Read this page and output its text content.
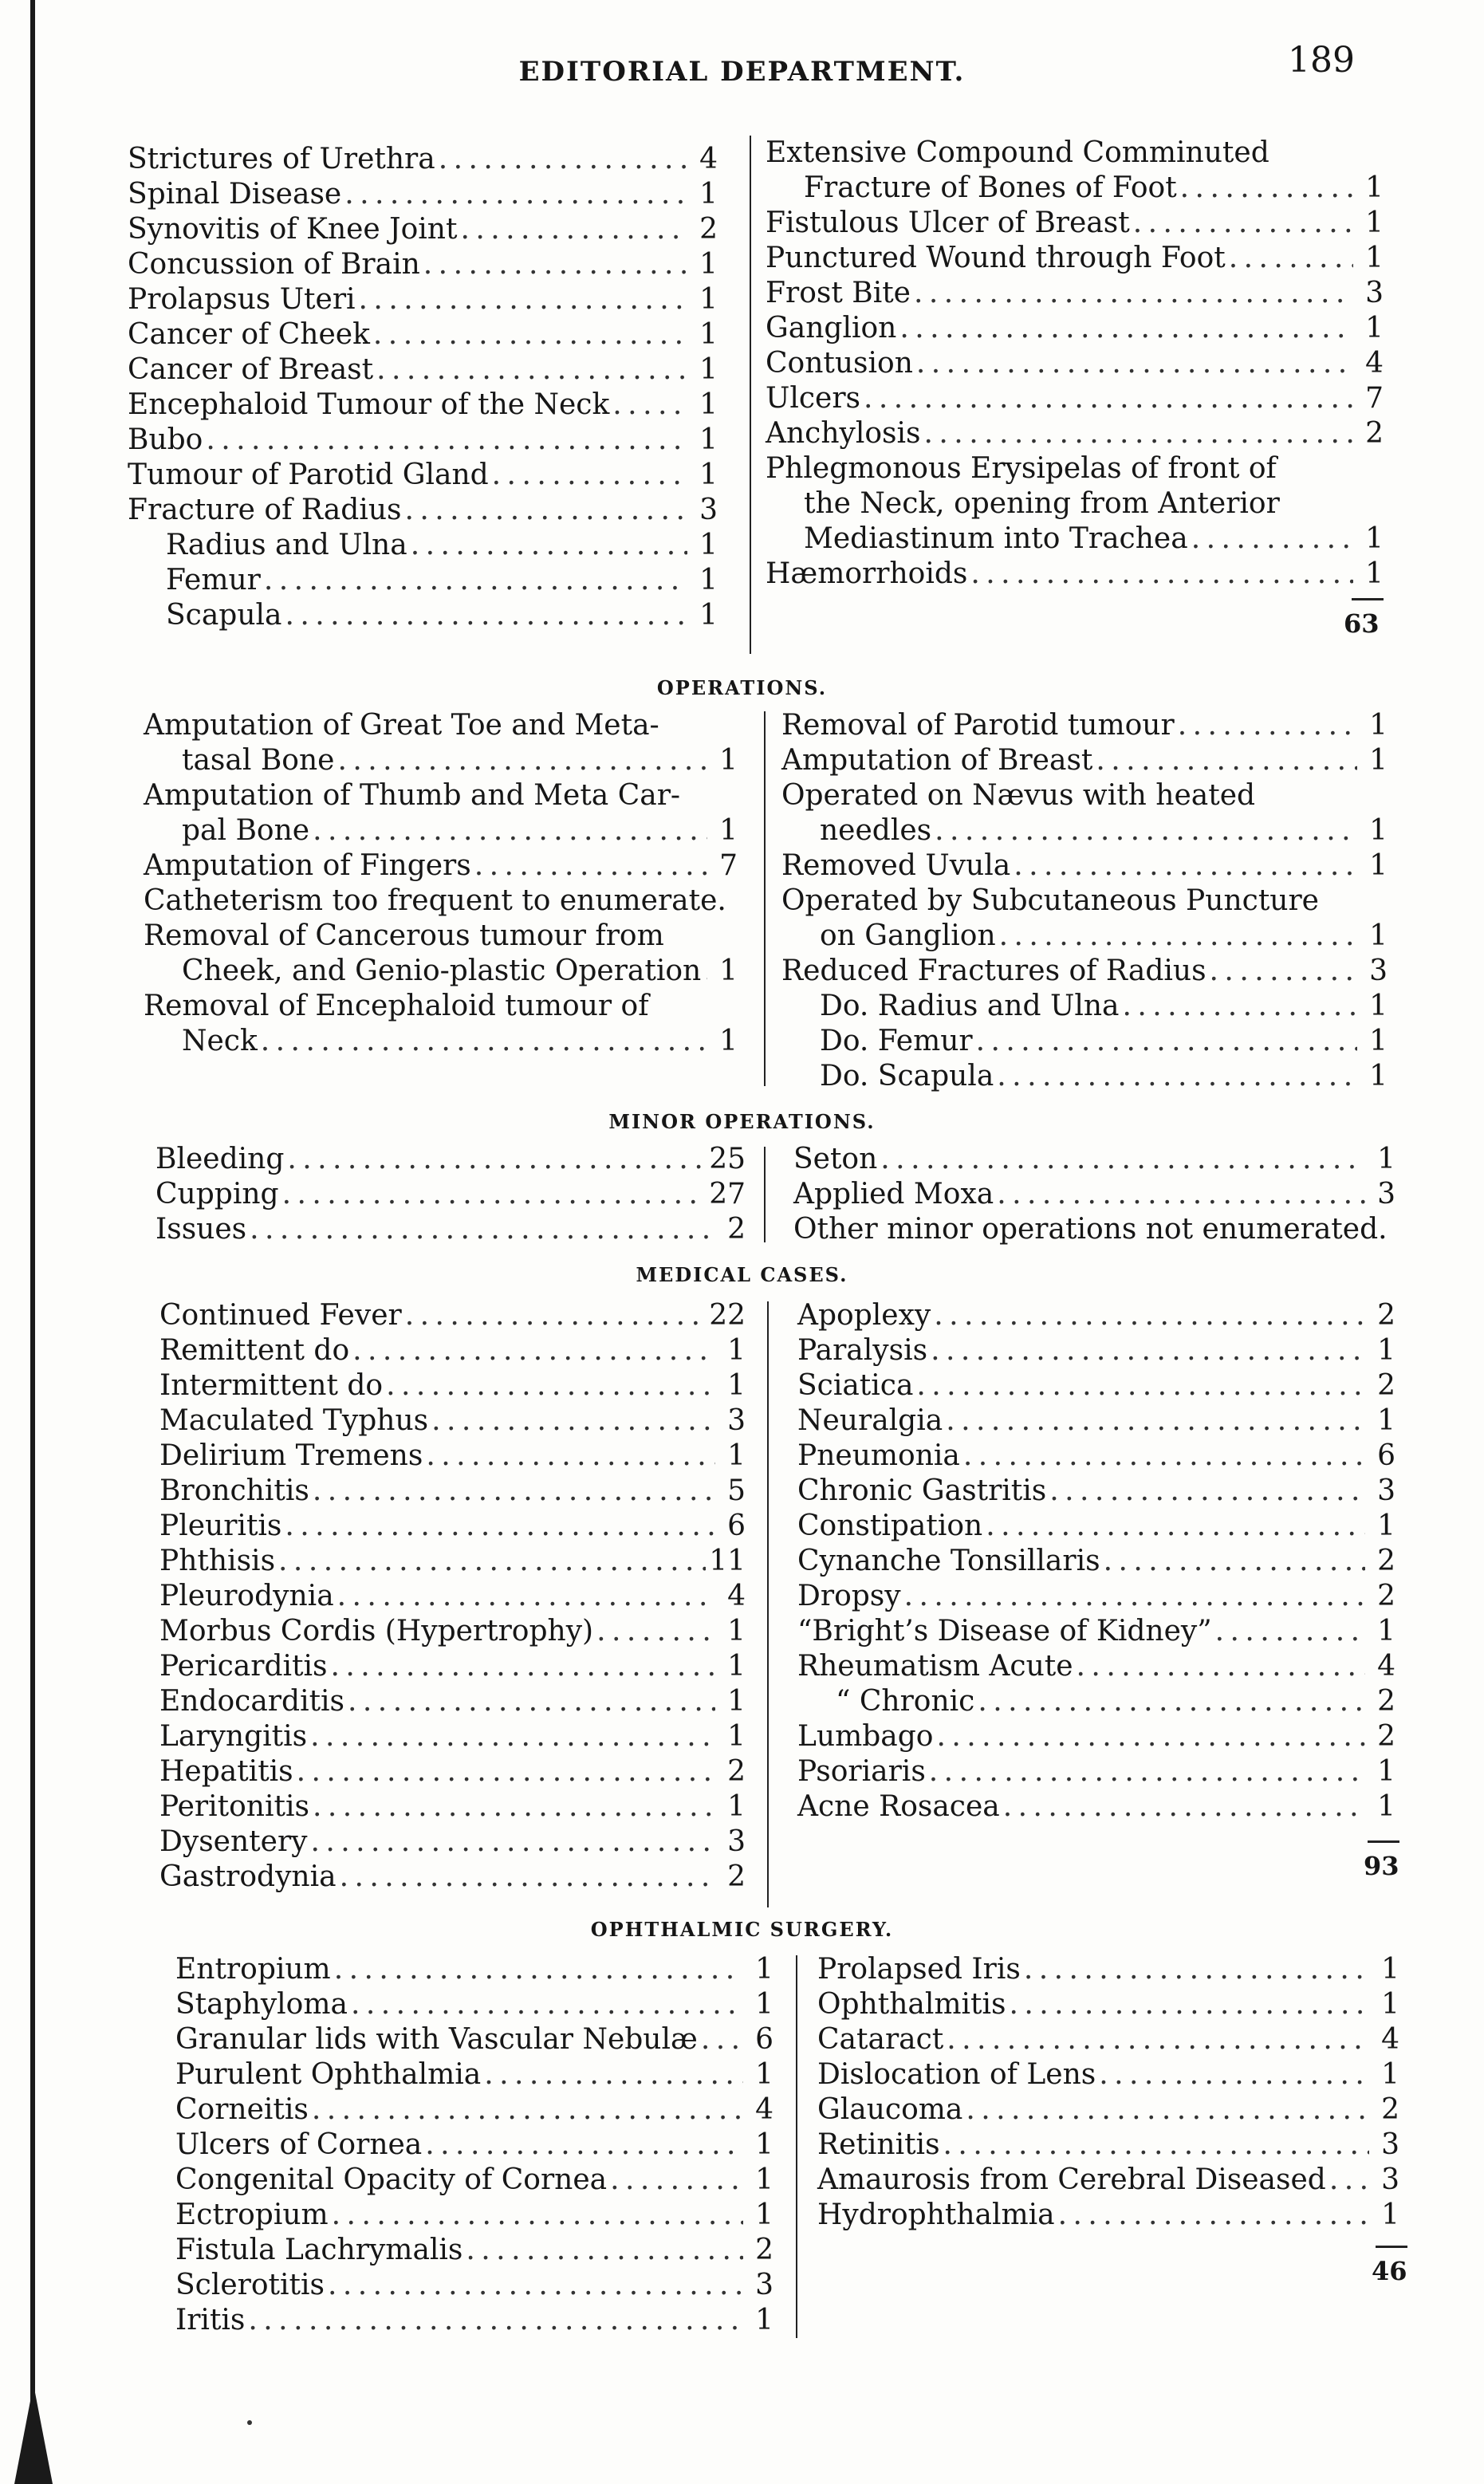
EDITORIAL DEPARTMENT.	189
Strictures of Urethra . . .	4
Spinal Disease . . .	1
Synovitis of Knee Joint . . .	2
Concussion of Brain . . .	1
Prolapsus Uteri . . .	1
Cancer of Cheek . . .	1
Cancer of Breast . . .	1
Encephaloid Tumour of the Neck . . .	1
Bubo . . .	1
Tumour of Parotid Gland . . .	1
Fracture of Radius . . .	3
Radius and Ulna . . .	1
Femur . . .	1
Scapula . . .	1
Extensive Compound Comminuted
Fracture of Bones of Foot . . .	1
Fistulous Ulcer of Breast . . .	1
Punctured Wound through Foot . . .	1
Frost Bite . . .	3
Ganglion . . .	1
Contusion . . .	4
Ulcers . . .	7
Anchylosis . . .	2
Phlegmonous Erysipelas of front of
the Neck, opening from Anterior
Mediastinum into Trachea . . .	1
Hæmorrhoids . . .	1
63
OPERATIONS.
Amputation of Great Toe and Meta-
tasal Bone . . .	1
Amputation of Thumb and Meta Car-
pal Bone . . .	1
Amputation of Fingers . . .	7
Catheterism too frequent to enumerate.
Removal of Cancerous tumour from
Cheek, and Genio-plastic Operation . . . 1
Removal of Encephaloid tumour of
Neck . . .	1
Removal of Parotid tumour . . .	1
Amputation of Breast . . .	1
Operated on Nævus with heated
needles . . .	1
Removed Uvula . . .	1
Operated by Subcutaneous Puncture
on Ganglion . . .	1
Reduced Fractures of Radius . . .	3
Do. Radius and Ulna . . .	1
Do. Femur . . .	1
Do. Scapula . . .	1
MINOR OPERATIONS.
Bleeding . . .	25
Cupping . . .	27
Issues . . .	2
Seton . . .	1
Applied Moxa . . .	3
Other minor operations not enumerated.
MEDICAL CASES.
Continued Fever . . .	22
Remittent do . . .	1
Intermittent do . . .	1
Maculated Typhus . . .	3
Delirium Tremens . . .	1
Bronchitis . . .	5
Pleuritis . . .	6
Phthisis . . .	11
Pleurodynia . . .	4
Morbus Cordis (Hypertrophy) . . .	1
Pericarditis . . .	1
Endocarditis . . .	1
Laryngitis . . .	1
Hepatitis . . .	2
Peritonitis . . .	1
Dysentery . . .	3
Gastrodynia . . .	2
Apoplexy . . .	2
Paralysis . . .	1
Sciatica . . .	2
Neuralgia . . .	1
Pneumonia . . .	6
Chronic Gastritis . . .	3
Constipation . . .	1
Cynanche Tonsillaris . . .	2
Dropsy . . .	2
“Bright’s Disease of Kidney” . . .	1
Rheumatism Acute . . .	4
“ Chronic . . .	2
Lumbago . . .	2
Psoriaris . . .	1
Acne Rosacea . . .	1
93
OPHTHALMIC SURGERY.
Entropium . . .	1
Staphyloma . . .	1
Granular lids with Vascular Nebulæ . . .	6
Purulent Ophthalmia . . .	1
Corneitis . . .	4
Ulcers of Cornea . . .	1
Congenital Opacity of Cornea . . .	1
Ectropium . . .	1
Fistula Lachrymalis . . .	2
Sclerotitis . . .	3
Iritis . . .	1
Prolapsed Iris . . .	1
Ophthalmitis . . .	1
Cataract . . .	4
Dislocation of Lens . . .	1
Glaucoma . . .	2
Retinitis . . .	3
Amaurosis from Cerebral Diseased . . .	3
Hydrophthalmia . . .	1
46
